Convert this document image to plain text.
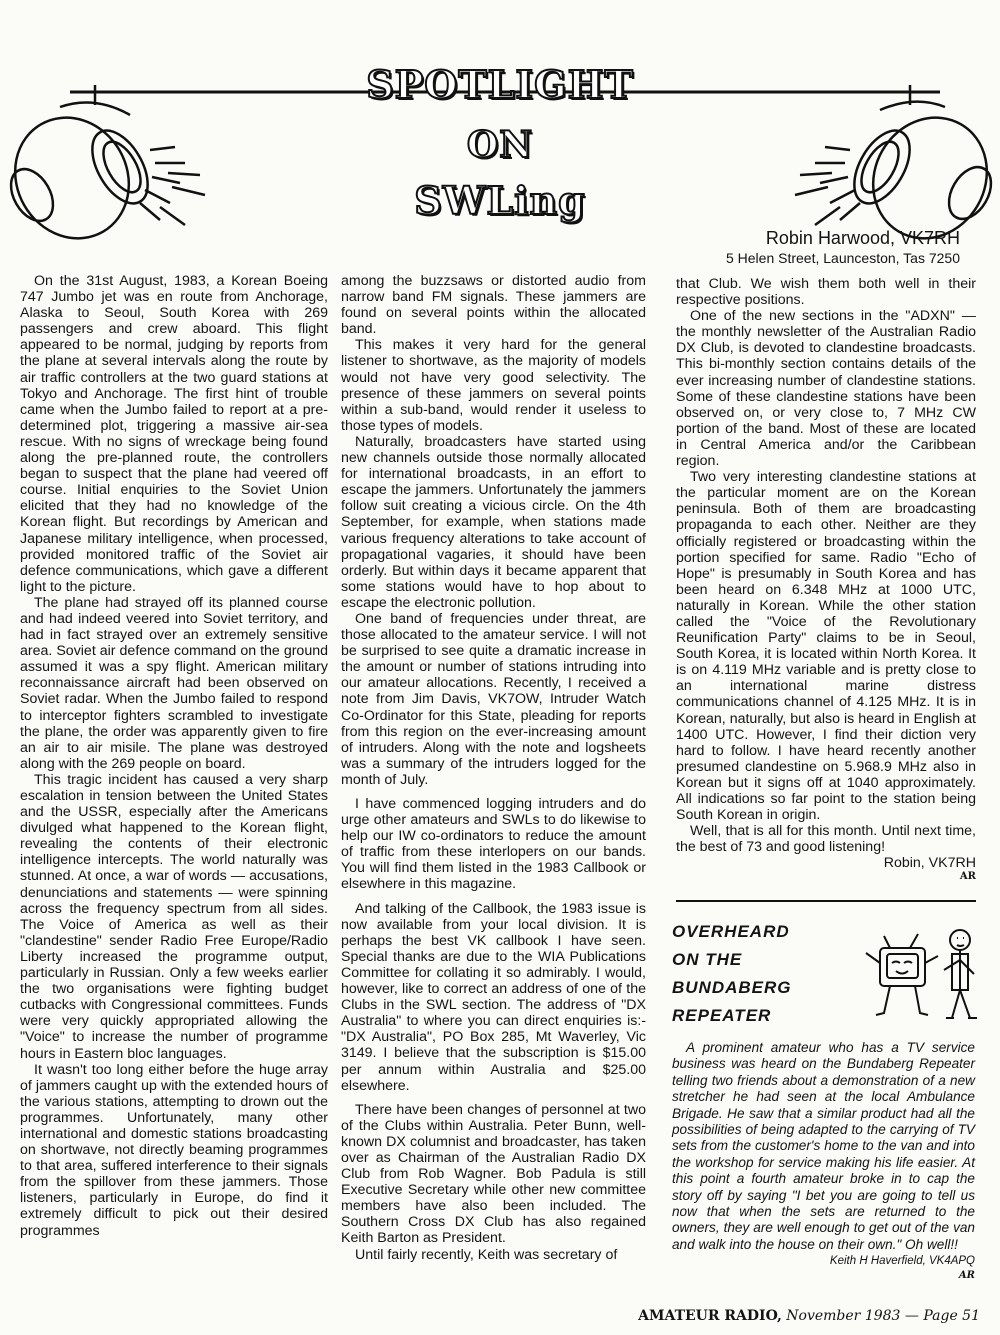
SPOTLIGHT
ON
SWLing
Robin Harwood, VK7RH
5 Helen Street, Launceston, Tas 7250

On the 31st August, 1983, a Korean Boeing 747 Jumbo jet was en route from Anchorage, Alaska to Seoul, South Korea with 269 passengers and crew aboard. This flight appeared to be normal, judging by reports from the plane at several intervals along the route by air traffic controllers at the two guard stations at Tokyo and Anchorage. The first hint of trouble came when the Jumbo failed to report at a pre-determined plot, triggering a massive air-sea rescue. With no signs of wreckage being found along the pre-planned route, the controllers began to suspect that the plane had veered off course. Initial enquiries to the Soviet Union elicited that they had no knowledge of the Korean flight. But recordings by American and Japanese military intelligence, when processed, provided monitored traffic of the Soviet air defence communications, which gave a different light to the picture.

The plane had strayed off its planned course and had indeed veered into Soviet territory, and had in fact strayed over an extremely sensitive area. Soviet air defence command on the ground assumed it was a spy flight. American military reconnaissance aircraft had been observed on Soviet radar. When the Jumbo failed to respond to interceptor fighters scrambled to investigate the plane, the order was apparently given to fire an air to air misile. The plane was destroyed along with the 269 people on board.

This tragic incident has caused a very sharp escalation in tension between the United States and the USSR, especially after the Americans divulged what happened to the Korean flight, revealing the contents of their electronic intelligence intercepts. The world naturally was stunned. At once, a war of words — accusations, denunciations and statements — were spinning across the frequency spectrum from all sides. The Voice of America as well as their "clandestine" sender Radio Free Europe/Radio Liberty increased the programme output, particularly in Russian. Only a few weeks earlier the two organisations were fighting budget cutbacks with Congressional committees. Funds were very quickly appropriated allowing the "Voice" to increase the number of programme hours in Eastern bloc languages.

It wasn't too long either before the huge array of jammers caught up with the extended hours of the various stations, attempting to drown out the programmes. Unfortunately, many other international and domestic stations broadcasting on shortwave, not directly beaming programmes to that area, suffered interference to their signals from the spillover from these jammers. Those listeners, particularly in Europe, do find it extremely difficult to pick out their desired programmes

among the buzzsaws or distorted audio from narrow band FM signals. These jammers are found on several points within the allocated band.

This makes it very hard for the general listener to shortwave, as the majority of models would not have very good selectivity. The presence of these jammers on several points within a sub-band, would render it useless to those types of models.

Naturally, broadcasters have started using new channels outside those normally allocated for international broadcasts, in an effort to escape the jammers. Unfortunately the jammers follow suit creating a vicious circle. On the 4th September, for example, when stations made various frequency alterations to take account of propagational vagaries, it should have been orderly. But within days it became apparent that some stations would have to hop about to escape the electronic pollution.

One band of frequencies under threat, are those allocated to the amateur service. I will not be surprised to see quite a dramatic increase in the amount or number of stations intruding into our amateur allocations. Recently, I received a note from Jim Davis, VK7OW, Intruder Watch Co-Ordinator for this State, pleading for reports from this region on the ever-increasing amount of intruders. Along with the note and logsheets was a summary of the intruders logged for the month of July.

I have commenced logging intruders and do urge other amateurs and SWLs to do likewise to help our IW co-ordinators to reduce the amount of traffic from these interlopers on our bands. You will find them listed in the 1983 Callbook or elsewhere in this magazine.

And talking of the Callbook, the 1983 issue is now available from your local division. It is perhaps the best VK callbook I have seen. Special thanks are due to the WIA Publications Committee for collating it so admirably. I would, however, like to correct an address of one of the Clubs in the SWL section. The address of "DX Australia" to where you can direct enquiries is:- "DX Australia", PO Box 285, Mt Waverley, Vic 3149. I believe that the subscription is $15.00 per annum within Australia and $25.00 elsewhere.

There have been changes of personnel at two of the Clubs within Australia. Peter Bunn, well-known DX columnist and broadcaster, has taken over as Chairman of the Australian Radio DX Club from Rob Wagner. Bob Padula is still Executive Secretary while other new committee members have also been included. The Southern Cross DX Club has also regained Keith Barton as President.

Until fairly recently, Keith was secretary of

that Club. We wish them both well in their respective positions.

One of the new sections in the "ADXN" — the monthly newsletter of the Australian Radio DX Club, is devoted to clandestine broadcasts. This bi-monthly section contains details of the ever increasing number of clandestine stations. Some of these clandestine stations have been observed on, or very close to, 7 MHz CW portion of the band. Most of these are located in Central America and/or the Caribbean region.

Two very interesting clandestine stations at the particular moment are on the Korean peninsula. Both of them are broadcasting propaganda to each other. Neither are they officially registered or broadcasting within the portion specified for same. Radio "Echo of Hope" is presumably in South Korea and has been heard on 6.348 MHz at 1000 UTC, naturally in Korean. While the other station called the "Voice of the Revolutionary Reunification Party" claims to be in Seoul, South Korea, it is located within North Korea. It is on 4.119 MHz variable and is pretty close to an international marine distress communications channel of 4.125 MHz. It is in Korean, naturally, but also is heard in English at 1400 UTC. However, I find their diction very hard to follow. I have heard recently another presumed clandestine on 5.968.9 MHz also in Korean but it signs off at 1040 approximately. All indications so far point to the station being South Korean in origin.

Well, that is all for this month. Until next time, the best of 73 and good listening!

Robin, VK7RH
AR
OVERHEARD
ON THE
BUNDABERG
REPEATER

A prominent amateur who has a TV service business was heard on the Bundaberg Repeater telling two friends about a demonstration of a new stretcher he had seen at the local Ambulance Brigade. He saw that a similar product had all the possibilities of being adapted to the carrying of TV sets from the customer's home to the van and into the workshop for service making his life easier. At this point a fourth amateur broke in to cap the story off by saying "I bet you are going to tell us now that when the sets are returned to the owners, they are well enough to get out of the van and walk into the house on their own." Oh well!!

Keith H Haverfield, VK4APQ
AR
AMATEUR RADIO, November 1983 — Page 51
